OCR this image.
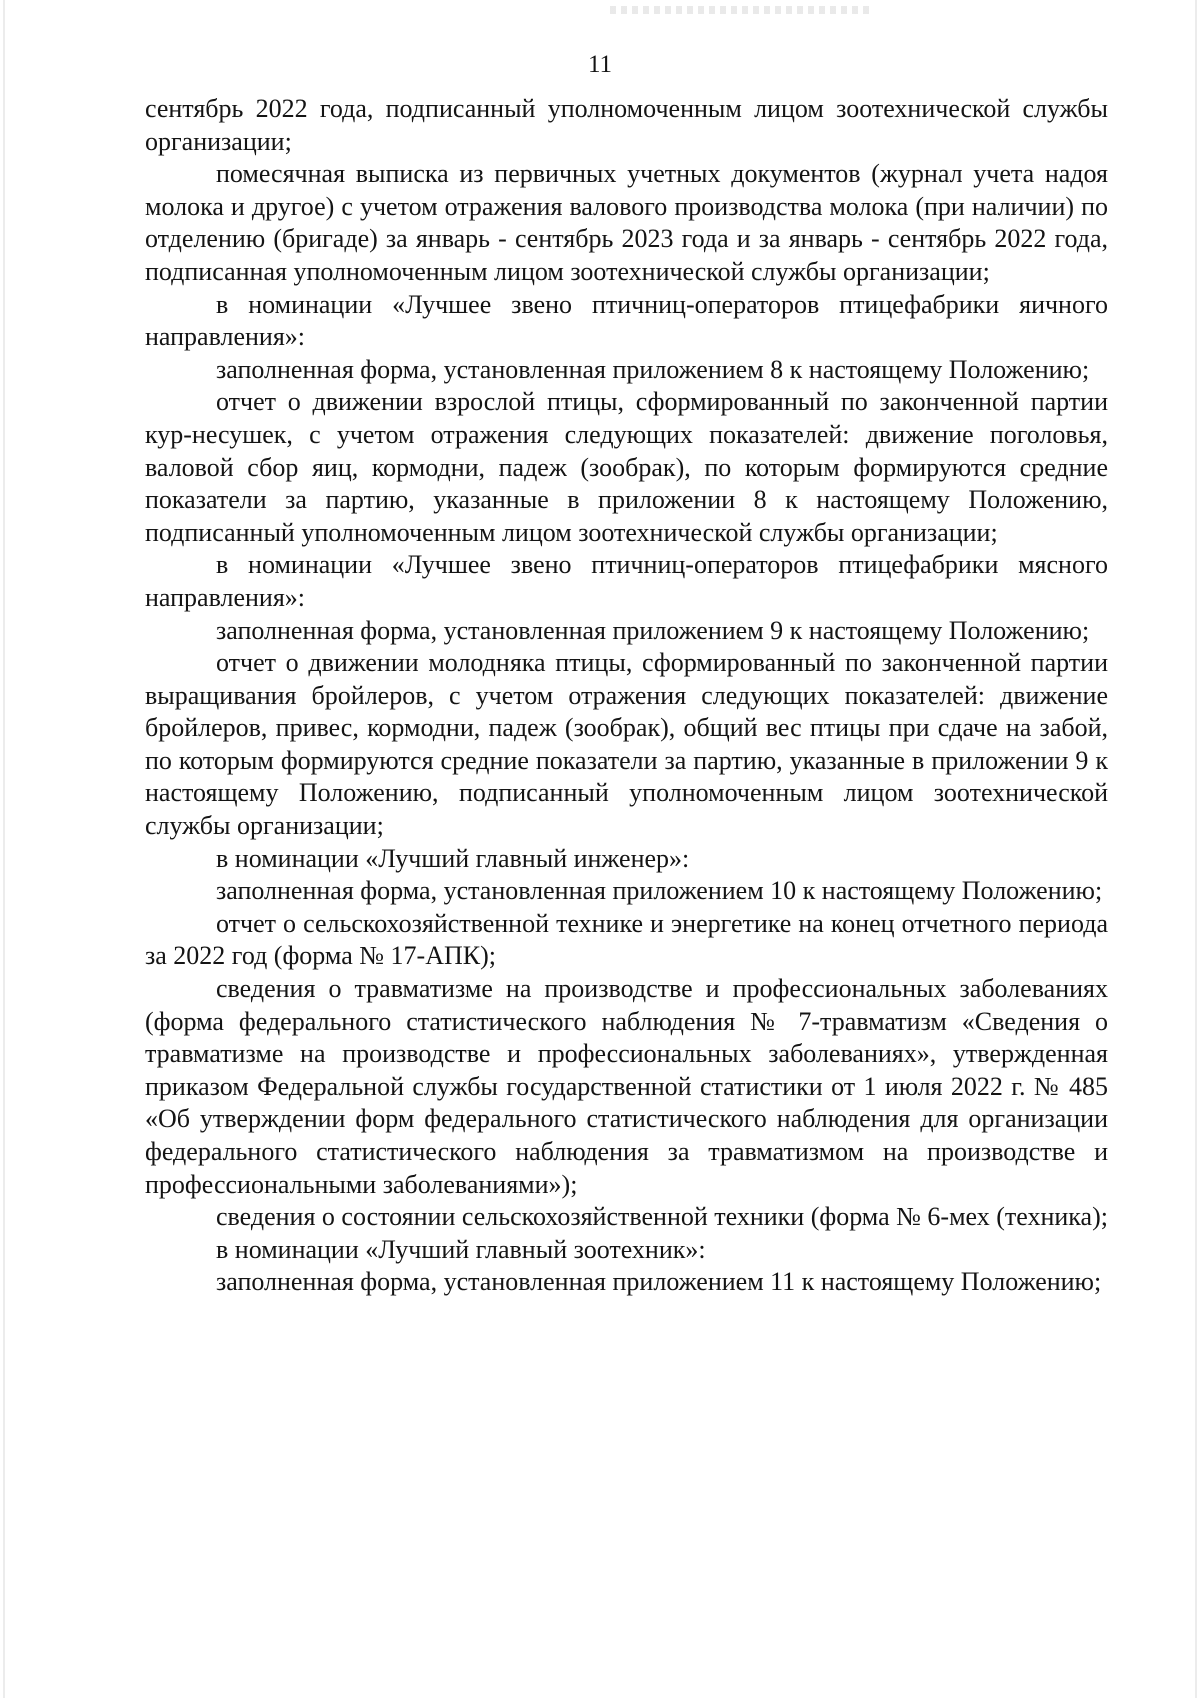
11

сентябрь 2022 года, подписанный уполномоченным лицом зоотехнической службы организации;

помесячная выписка из первичных учетных документов (журнал учета надоя молока и другое) с учетом отражения валового производства молока (при наличии) по отделению (бригаде) за январь - сентябрь 2023 года и за январь - сентябрь 2022 года, подписанная уполномоченным лицом зоотехнической службы организации;

в номинации «Лучшее звено птичниц-операторов птицефабрики яичного направления»:

заполненная форма, установленная приложением 8 к настоящему Положению;

отчет о движении взрослой птицы, сформированный по законченной партии кур-несушек, с учетом отражения следующих показателей: движение поголовья, валовой сбор яиц, кормодни, падеж (зообрак), по которым формируются средние показатели за партию, указанные в приложении 8 к настоящему Положению, подписанный уполномоченным лицом зоотехнической службы организации;

в номинации «Лучшее звено птичниц-операторов птицефабрики мясного направления»:

заполненная форма, установленная приложением 9 к настоящему Положению;

отчет о движении молодняка птицы, сформированный по законченной партии выращивания бройлеров, с учетом отражения следующих показателей: движение бройлеров, привес, кормодни, падеж (зообрак), общий вес птицы при сдаче на забой, по которым формируются средние показатели за партию, указанные в приложении 9 к настоящему Положению, подписанный уполномоченным лицом зоотехнической службы организации;

в номинации «Лучший главный инженер»:

заполненная форма, установленная приложением 10 к настоящему Положению;

отчет о сельскохозяйственной технике и энергетике на конец отчетного периода за 2022 год (форма № 17-АПК);

сведения о травматизме на производстве и профессиональных заболеваниях (форма федерального статистического наблюдения № 7-травматизм «Сведения о травматизме на производстве и профессиональных заболеваниях», утвержденная приказом Федеральной службы государственной статистики от 1 июля 2022 г. № 485 «Об утверждении форм федерального статистического наблюдения для организации федерального статистического наблюдения за травматизмом на производстве и профессиональными заболеваниями»);

сведения о состоянии сельскохозяйственной техники (форма № 6-мех (техника);

в номинации «Лучший главный зоотехник»:

заполненная форма, установленная приложением 11 к настоящему Положению;
